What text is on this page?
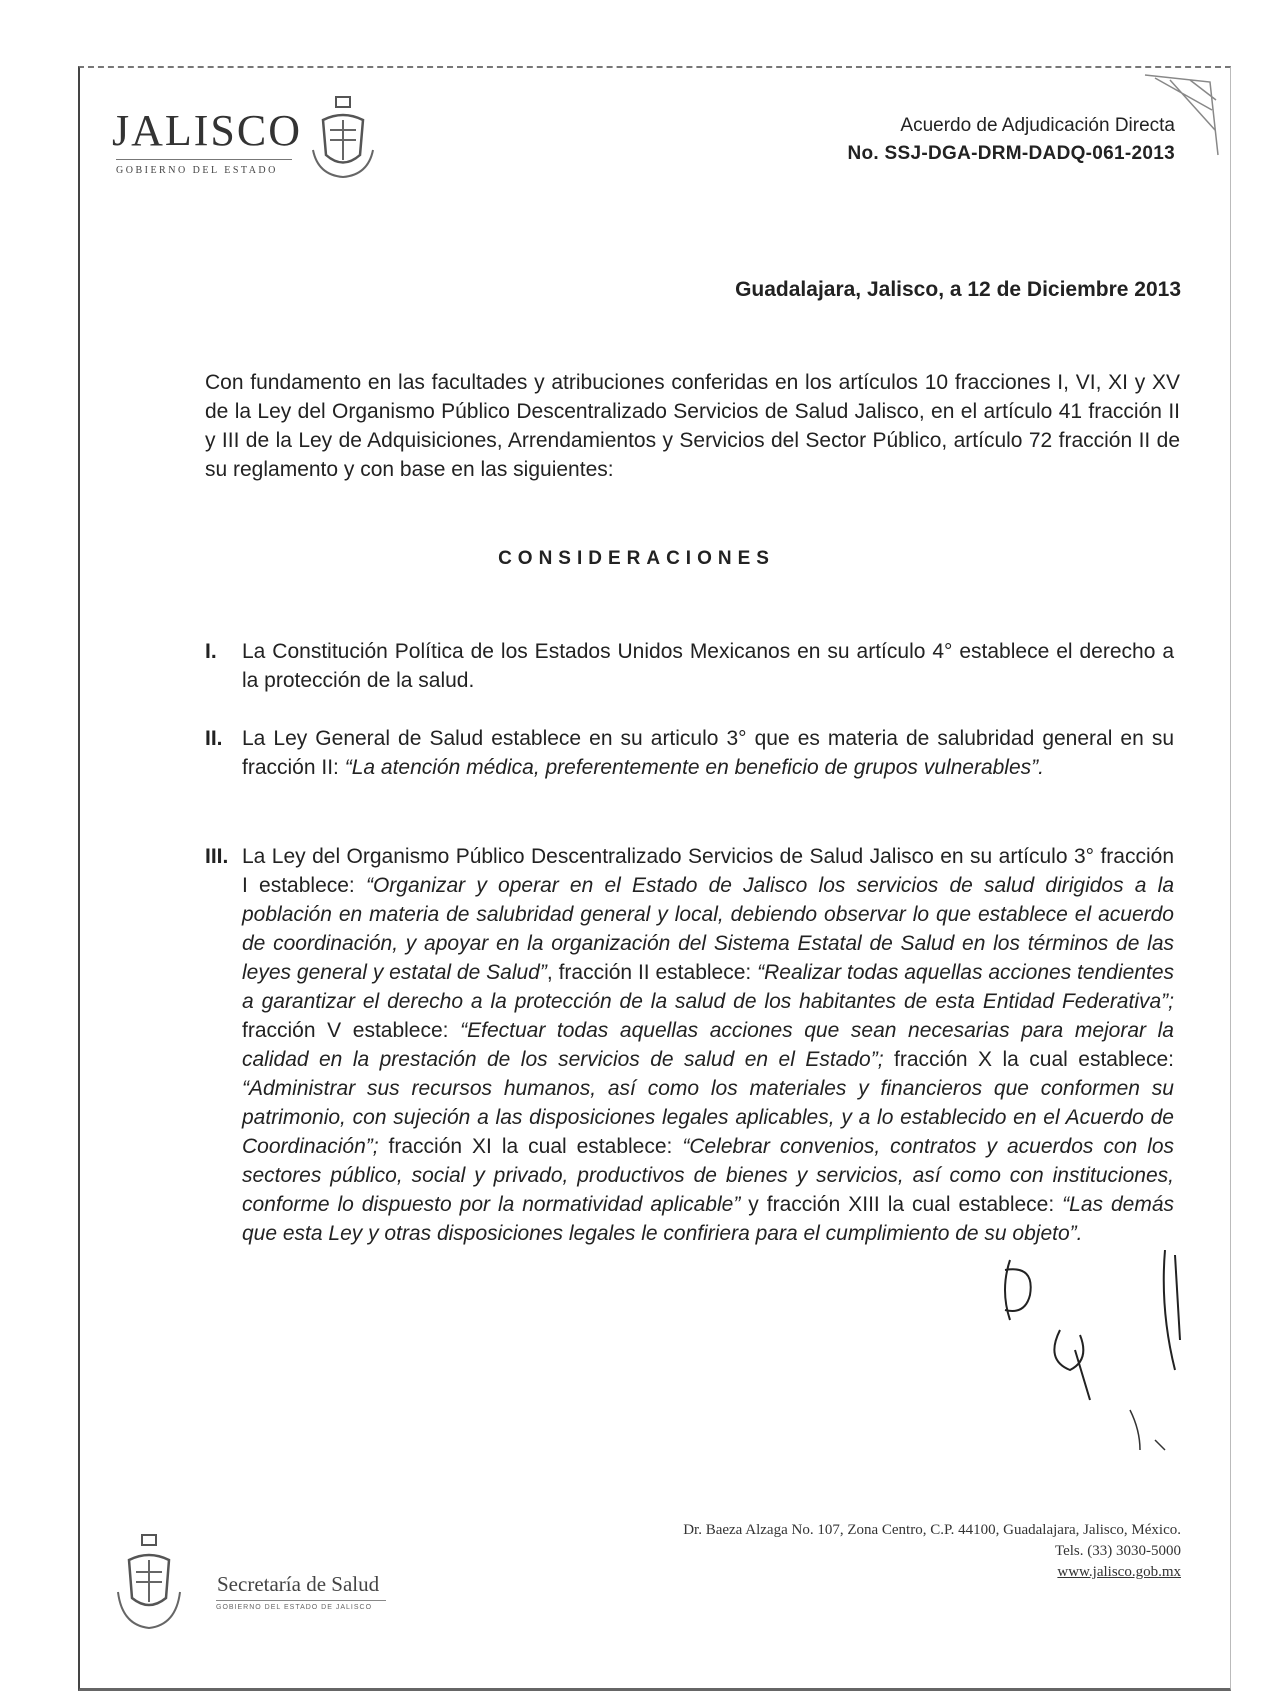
JALISCO
GOBIERNO DEL ESTADO
Acuerdo de Adjudicación Directa
No. SSJ-DGA-DRM-DADQ-061-2013
Guadalajara, Jalisco, a 12 de Diciembre 2013
Con fundamento en las facultades y atribuciones conferidas en los artículos 10 fracciones I, VI, XI y XV de la Ley del Organismo Público Descentralizado Servicios de Salud Jalisco, en el artículo 41 fracción II y III de la Ley de Adquisiciones, Arrendamientos y Servicios del Sector Público, artículo 72 fracción II de su reglamento y con base en las siguientes:
CONSIDERACIONES
I. La Constitución Política de los Estados Unidos Mexicanos en su artículo 4° establece el derecho a la protección de la salud.
II. La Ley General de Salud establece en su articulo 3° que es materia de salubridad general en su fracción II: “La atención médica, preferentemente en beneficio de grupos vulnerables”.
III. La Ley del Organismo Público Descentralizado Servicios de Salud Jalisco en su artículo 3° fracción I establece: “Organizar y operar en el Estado de Jalisco los servicios de salud dirigidos a la población en materia de salubridad general y local, debiendo observar lo que establece el acuerdo de coordinación, y apoyar en la organización del Sistema Estatal de Salud en los términos de las leyes general y estatal de Salud”, fracción II establece: “Realizar todas aquellas acciones tendientes a garantizar el derecho a la protección de la salud de los habitantes de esta Entidad Federativa”; fracción V establece: “Efectuar todas aquellas acciones que sean necesarias para mejorar la calidad en la prestación de los servicios de salud en el Estado”; fracción X la cual establece: “Administrar sus recursos humanos, así como los materiales y financieros que conformen su patrimonio, con sujeción a las disposiciones legales aplicables, y a lo establecido en el Acuerdo de Coordinación”; fracción XI la cual establece: “Celebrar convenios, contratos y acuerdos con los sectores público, social y privado, productivos de bienes y servicios, así como con instituciones, conforme lo dispuesto por la normatividad aplicable” y fracción XIII la cual establece: “Las demás que esta Ley y otras disposiciones legales le confiriera para el cumplimiento de su objeto”.
Dr. Baeza Alzaga No. 107, Zona Centro, C.P. 44100, Guadalajara, Jalisco, México.
Tels. (33) 3030-5000
www.jalisco.gob.mx
Secretaría de Salud
GOBIERNO DEL ESTADO DE JALISCO
